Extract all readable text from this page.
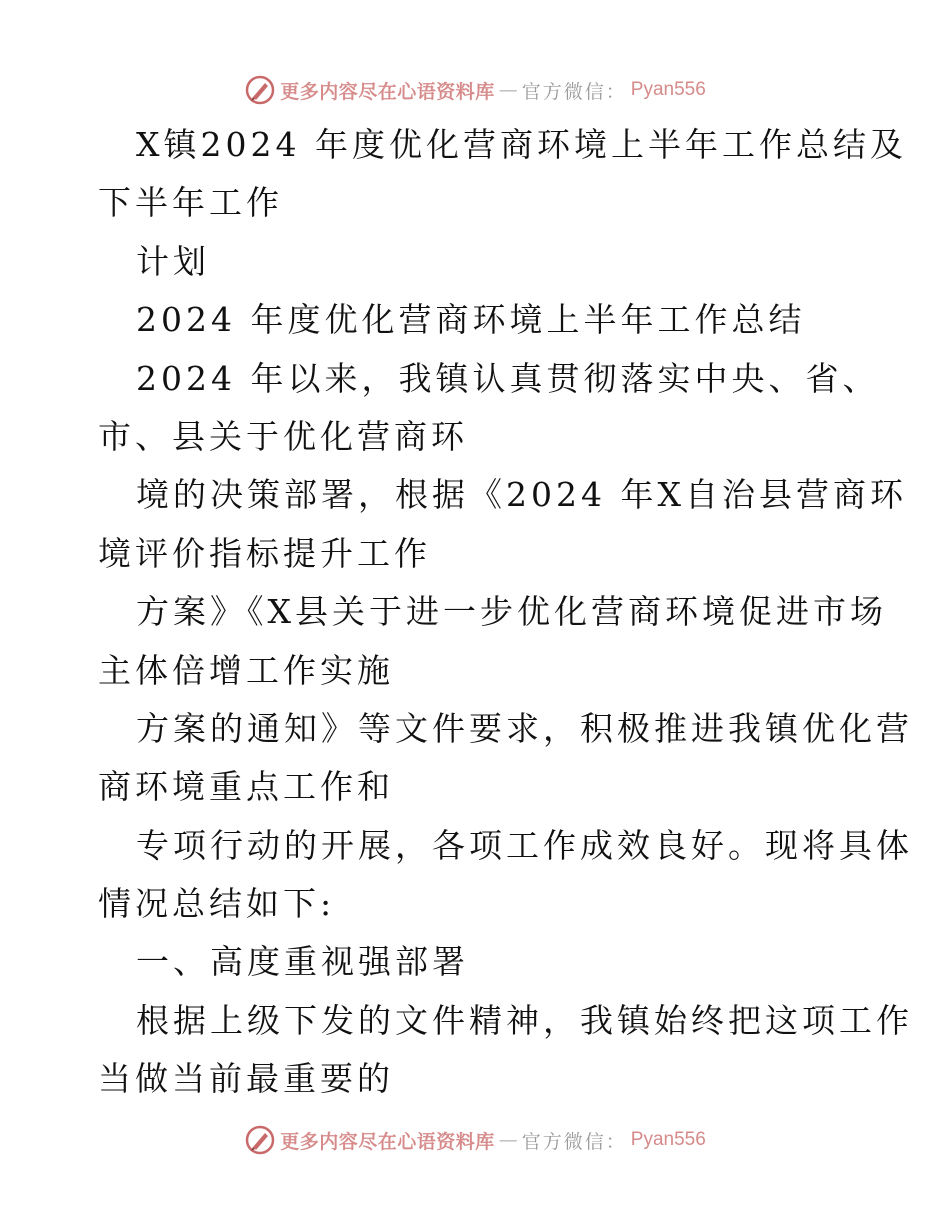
更多内容尽在心语资料库 — 官方微信 ： Pyan556
X镇2024 年度优化营商环境上半年工作总结及
下半年工作
计划
2024 年度优化营商环境上半年工作总结
2024 年以来，我镇认真贯彻落实中央、省、
市、县关于优化营商环
境的决策部署，根据《2024 年X自治县营商环
境评价指标提升工作
方案》《X县关于进一步优化营商环境促进市场
主体倍增工作实施
方案的通知》等文件要求，积极推进我镇优化营
商环境重点工作和
专项行动的开展，各项工作成效良好。现将具体
情况总结如下:
一、高度重视强部署
根据上级下发的文件精神，我镇始终把这项工作
当做当前最重要的
更多内容尽在心语资料库 — 官方微信 ： Pyan556
